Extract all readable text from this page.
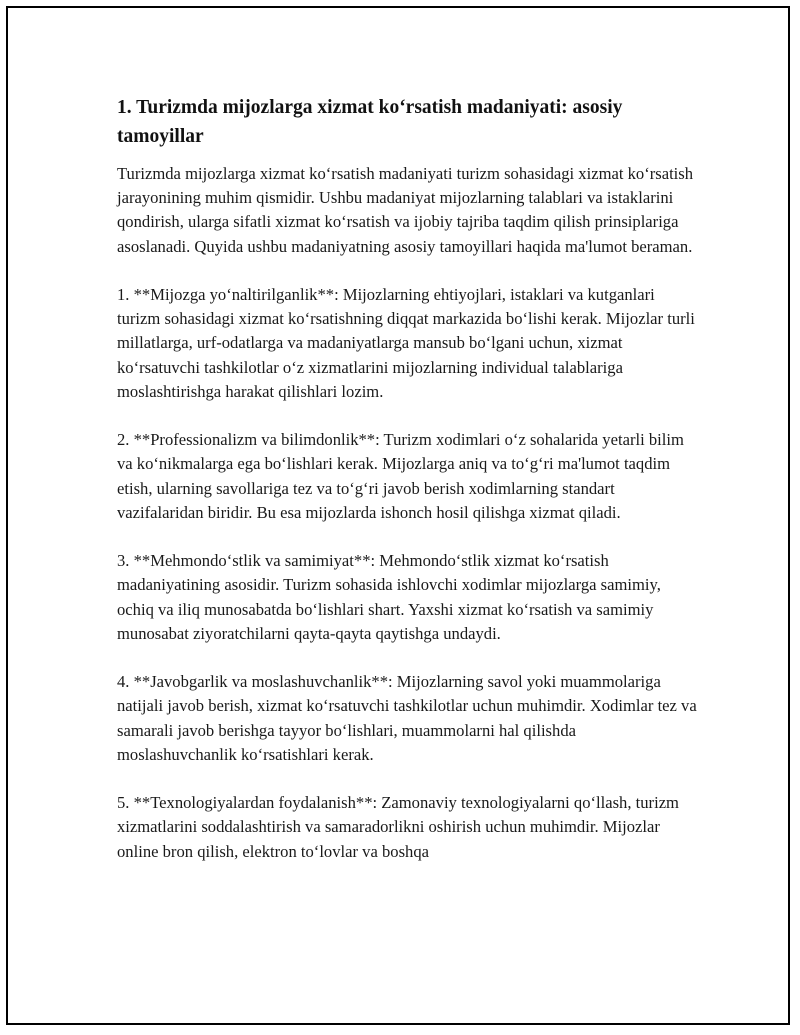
1. Turizmda mijozlarga xizmat koʻrsatish madaniyati: asosiy tamoyillar

Turizmda mijozlarga xizmat koʻrsatish madaniyati turizm sohasidagi xizmat koʻrsatish jarayonining muhim qismidir. Ushbu madaniyat mijozlarning talablari va istaklarini qondirish, ularga sifatli xizmat koʻrsatish va ijobiy tajriba taqdim qilish prinsiplariga asoslanadi. Quyida ushbu madaniyatning asosiy tamoyillari haqida ma'lumot beraman.

1. **Mijozga yoʻnaltirilganlik**: Mijozlarning ehtiyojlari, istaklari va kutganlari turizm sohasidagi xizmat koʻrsatishning diqqat markazida boʻlishi kerak. Mijozlar turli millatlarga, urf-odatlarga va madaniyatlarga mansub boʻlgani uchun, xizmat koʻrsatuvchi tashkilotlar oʻz xizmatlarini mijozlarning individual talablariga moslashtirishga harakat qilishlari lozim.

2. **Professionalizm va bilimdonlik**: Turizm xodimlari oʻz sohalarida yetarli bilim va koʻnikmalarga ega boʻlishlari kerak. Mijozlarga aniq va toʻgʻri ma'lumot taqdim etish, ularning savollariga tez va toʻgʻri javob berish xodimlarning standart vazifalaridan biridir. Bu esa mijozlarda ishonch hosil qilishga xizmat qiladi.

3. **Mehmondoʻstlik va samimiyat**: Mehmondoʻstlik xizmat koʻrsatish madaniyatining asosidir. Turizm sohasida ishlovchi xodimlar mijozlarga samimiy, ochiq va iliq munosabatda boʻlishlari shart. Yaxshi xizmat koʻrsatish va samimiy munosabat ziyoratchilarni qayta-qayta qaytishga undaydi.

4. **Javobgarlik va moslashuvchanlik**: Mijozlarning savol yoki muammolariga natijali javob berish, xizmat koʻrsatuvchi tashkilotlar uchun muhimdir. Xodimlar tez va samarali javob berishga tayyor boʻlishlari, muammolarni hal qilishda moslashuvchanlik koʻrsatishlari kerak.

5. **Texnologiyalardan foydalanish**: Zamonaviy texnologiyalarni qoʻllash, turizm xizmatlarini soddalashtirish va samaradorlikni oshirish uchun muhimdir. Mijozlar online bron qilish, elektron toʻlovlar va boshqa
